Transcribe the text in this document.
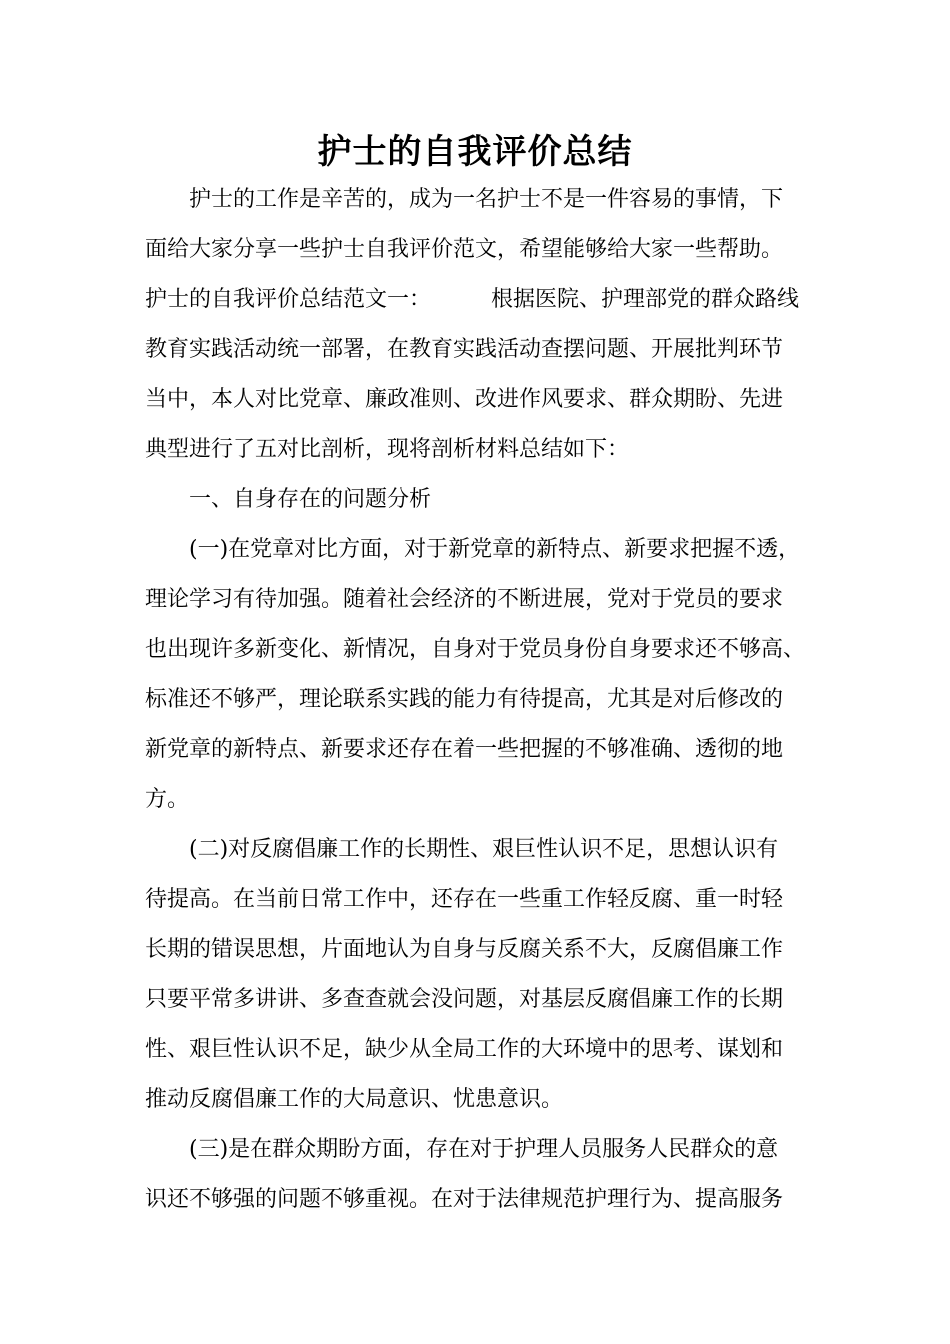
护士的自我评价总结
护士的工作是辛苦的，成为一名护士不是一件容易的事情，下
面给大家分享一些护士自我评价范文，希望能够给大家一些帮助。
护士的自我评价总结范文一：	根据医院、护理部党的群众路线
教育实践活动统一部署，在教育实践活动查摆问题、开展批判环节
当中，本人对比党章、廉政准则、改进作风要求、群众期盼、先进
典型进行了五对比剖析，现将剖析材料总结如下：
一、自身存在的问题分析
(一)在党章对比方面，对于新党章的新特点、新要求把握不透，
理论学习有待加强。随着社会经济的不断进展，党对于党员的要求
也出现许多新变化、新情况，自身对于党员身份自身要求还不够高、
标准还不够严，理论联系实践的能力有待提高，尤其是对后修改的
新党章的新特点、新要求还存在着一些把握的不够准确、透彻的地
方。
(二)对反腐倡廉工作的长期性、艰巨性认识不足，思想认识有
待提高。在当前日常工作中，还存在一些重工作轻反腐、重一时轻
长期的错误思想，片面地认为自身与反腐关系不大，反腐倡廉工作
只要平常多讲讲、多查查就会没问题，对基层反腐倡廉工作的长期
性、艰巨性认识不足，缺少从全局工作的大环境中的思考、谋划和
推动反腐倡廉工作的大局意识、忧患意识。
(三)是在群众期盼方面，存在对于护理人员服务人民群众的意
识还不够强的问题不够重视。在对于法律规范护理行为、提高服务
